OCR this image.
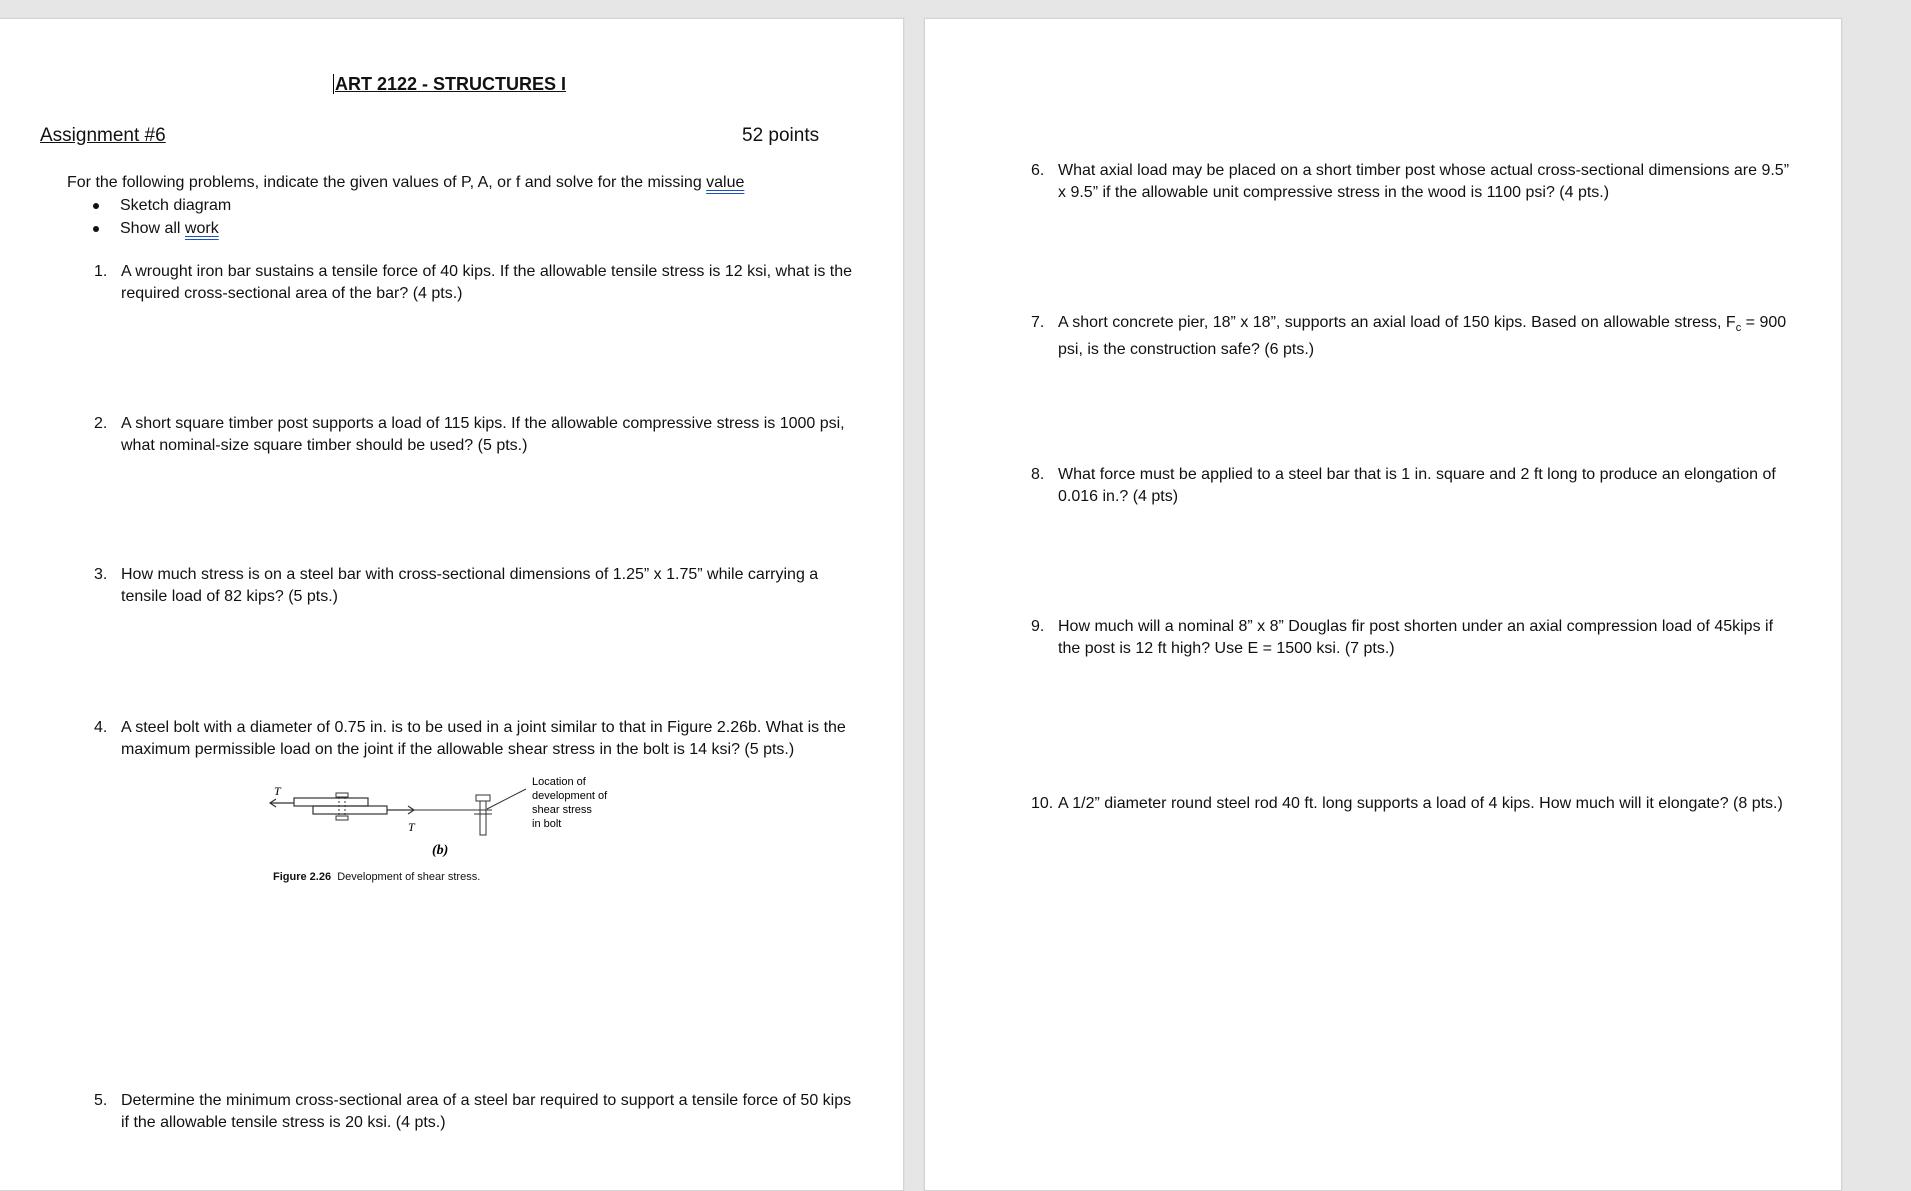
ART 2122 - STRUCTURES I
Assignment #6	52 points
For the following problems, indicate the given values of P, A, or f and solve for the missing value
Sketch diagram
Show all work
1. A wrought iron bar sustains a tensile force of 40 kips. If the allowable tensile stress is 12 ksi, what is the required cross-sectional area of the bar? (4 pts.)
2. A short square timber post supports a load of 115 kips. If the allowable compressive stress is 1000 psi, what nominal-size square timber should be used? (5 pts.)
3. How much stress is on a steel bar with cross-sectional dimensions of 1.25” x 1.75” while carrying a tensile load of 82 kips? (5 pts.)
4. A steel bolt with a diameter of 0.75 in. is to be used in a joint similar to that in Figure 2.26b. What is the maximum permissible load on the joint if the allowable shear stress in the bolt is 14 ksi? (5 pts.)
T
T
(b)
Location of
development of
shear stress
in bolt
Figure 2.26 Development of shear stress.
5. Determine the minimum cross-sectional area of a steel bar required to support a tensile force of 50 kips if the allowable tensile stress is 20 ksi. (4 pts.)
6. What axial load may be placed on a short timber post whose actual cross-sectional dimensions are 9.5” x 9.5” if the allowable unit compressive stress in the wood is 1100 psi? (4 pts.)
7. A short concrete pier, 18” x 18”, supports an axial load of 150 kips. Based on allowable stress, $F_c = 900$ psi, is the construction safe? (6 pts.)
8. What force must be applied to a steel bar that is 1 in. square and 2 ft long to produce an elongation of 0.016 in.? (4 pts)
9. How much will a nominal 8” x 8” Douglas fir post shorten under an axial compression load of 45kips if the post is 12 ft high? Use E = 1500 ksi. (7 pts.)
10. A 1/2” diameter round steel rod 40 ft. long supports a load of 4 kips. How much will it elongate? (8 pts.)
